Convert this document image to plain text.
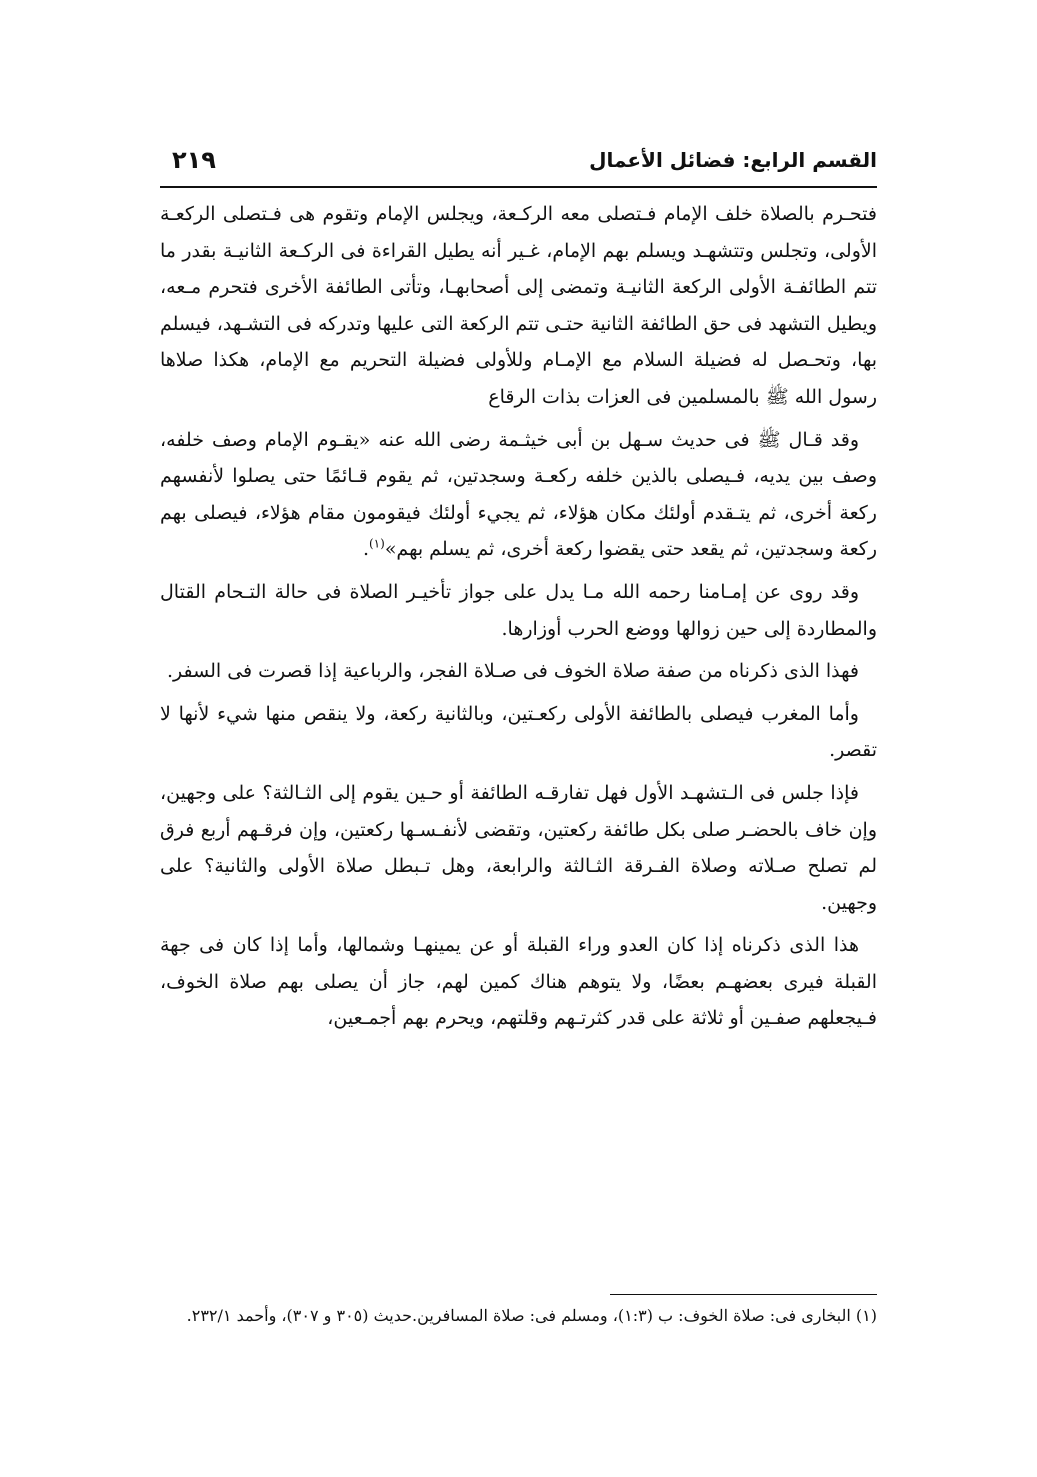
القسم الرابع: فضائل الأعمال
٢١٩

فتحـرم بالصلاة خلف الإمام فـتصلى معه الركـعة، ويجلس الإمام وتقوم هى فـتصلى الركعـة الأولى، وتجلس وتتشهـد ويسلم بهم الإمام، غـير أنه يطيل القراءة فى الركـعة الثانيـة بقدر ما تتم الطائفـة الأولى الركعة الثانيـة وتمضى إلى أصحابهـا، وتأتى الطائفة الأخرى فتحرم مـعه، ويطيل التشهد فى حق الطائفة الثانية حتـى تتم الركعة التى عليها وتدركه فى التشـهد، فيسلم بها، وتحـصل له فضيلة السلام مع الإمـام وللأولى فضيلة التحريم مع الإمام، هكذا صلاها رسول الله ﷺ بالمسلمين فى العزات بذات الرقاع

وقد قـال ﷺ فى حديث سـهل بن أبى خيثـمة رضى الله عنه «يقـوم الإمام وصف خلفه، وصف بين يديه، فـيصلى بالذين خلفه ركعـة وسجدتين، ثم يقوم قـائمًا حتى يصلوا لأنفسهم ركعة أخرى، ثم يتـقدم أولئك مكان هؤلاء، ثم يجيء أولئك فيقومون مقام هؤلاء، فيصلى بهم ركعة وسجدتين، ثم يقعد حتى يقضوا ركعة أخرى، ثم يسلم بهم»$^{(١)}$.

وقد روى عن إمـامنا رحمه الله مـا يدل على جواز تأخيـر الصلاة فى حالة التـحام القتال والمطاردة إلى حين زوالها ووضع الحرب أوزارها.

فهذا الذى ذكرناه من صفة صلاة الخوف فى صـلاة الفجر، والرباعية إذا قصرت فى السفر.

وأما المغرب فيصلى بالطائفة الأولى ركعـتين، وبالثانية ركعة، ولا ينقص منها شيء لأنها لا تقصر.

فإذا جلس فى الـتشهـد الأول فهل تفارقـه الطائفة أو حـين يقوم إلى الثـالثة؟ على وجهين، وإن خاف بالحضـر صلى بكل طائفة ركعتين، وتقضى لأنفـسـها ركعتين، وإن فرقـهم أربع فرق لم تصلح صـلاته وصلاة الفـرقة الثـالثة والرابعة، وهل تـبطل صلاة الأولى والثانية؟ على وجهين.

هذا الذى ذكرناه إذا كان العدو وراء القبلة أو عن يمينهـا وشمالها، وأما إذا كان فى جهة القبلة فيرى بعضهـم بعضًا، ولا يتوهم هناك كمين لهم، جاز أن يصلى بهم صلاة الخوف، فـيجعلهم صفـين أو ثلاثة على قدر كثرتـهم وقلتهم، ويحرم بهم أجمـعين،

(١) البخارى فى: صلاة الخوف: ب (١:٣)، ومسلم فى: صلاة المسافرين.حديث (٣٠٥ و ٣٠٧)، وأحمد ٢٣٢/١.
